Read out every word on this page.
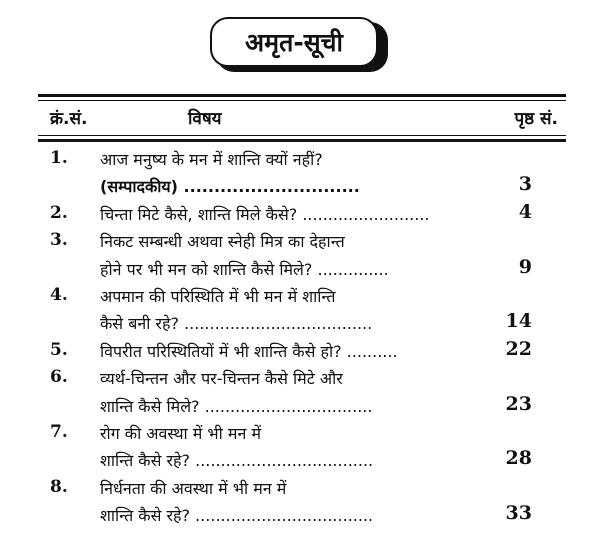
अमृत-सूची
क्रं.सं.	विषय	पृष्ठ सं.
1. आज मनुष्य के मन में शान्ति क्यों नहीं?
(सम्पादकीय) .............................	3
2. चिन्ता मिटे कैसे, शान्ति मिले कैसे? .........................	4
3. निकट सम्बन्धी अथवा स्नेही मित्र का देहान्त
होने पर भी मन को शान्ति कैसे मिले? ..............	9
4. अपमान की परिस्थिति में भी मन में शान्ति
कैसे बनी रहे? .....................................	14
5. विपरीत परिस्थितियों में भी शान्ति कैसे हो? ..........	22
6. व्यर्थ-चिन्तन और पर-चिन्तन कैसे मिटे और
शान्ति कैसे मिले? .................................	23
7. रोग की अवस्था में भी मन में
शान्ति कैसे रहे? ...................................	28
8. निर्धनता की अवस्था में भी मन में
शान्ति कैसे रहे? ...................................	33
